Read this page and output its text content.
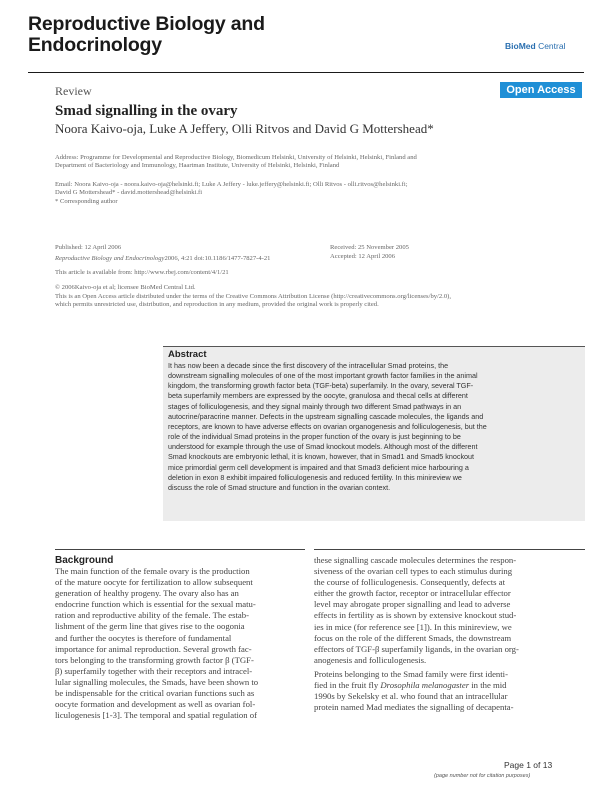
Reproductive Biology and
Endocrinology	BioMed Central
Review	Open Access
Smad signalling in the ovary
Noora Kaivo-oja, Luke A Jeffery, Olli Ritvos and David G Mottershead*
Address: Programme for Developmental and Reproductive Biology, Biomedicum Helsinki, University of Helsinki, Helsinki, Finland and
Department of Bacteriology and Immunology, Haartman Institute, University of Helsinki, Helsinki, Finland
Email: Noora Kaivo-oja - noora.kaivo-oja@helsinki.fi; Luke A Jeffery - luke.jeffery@helsinki.fi; Olli Ritvos - olli.ritvos@helsinki.fi;
David G Mottershead* - david.mottershead@helsinki.fi
* Corresponding author
Published: 12 April 2006	Received: 25 November 2005
Reproductive Biology and Endocrinology2006, 4:21 doi:10.1186/1477-7827-4-21	Accepted: 12 April 2006
This article is available from: http://www.rbej.com/content/4/1/21
© 2006Kaivo-oja et al; licensee BioMed Central Ltd.
This is an Open Access article distributed under the terms of the Creative Commons Attribution License (http://creativecommons.org/licenses/by/2.0),
which permits unrestricted use, distribution, and reproduction in any medium, provided the original work is properly cited.
Abstract
It has now been a decade since the first discovery of the intracellular Smad proteins, the
downstream signalling molecules of one of the most important growth factor families in the animal
kingdom, the transforming growth factor beta (TGF-beta) superfamily. In the ovary, several TGF-
beta superfamily members are expressed by the oocyte, granulosa and thecal cells at different
stages of folliculogenesis, and they signal mainly through two different Smad pathways in an
autocrine/paracrine manner. Defects in the upstream signalling cascade molecules, the ligands and
receptors, are known to have adverse effects on ovarian organogenesis and folliculogenesis, but the
role of the individual Smad proteins in the proper function of the ovary is just beginning to be
understood for example through the use of Smad knockout models. Although most of the different
Smad knockouts are embryonic lethal, it is known, however, that in Smad1 and Smad5 knockout
mice primordial germ cell development is impaired and that Smad3 deficient mice harbouring a
deletion in exon 8 exhibit impaired folliculogenesis and reduced fertility. In this minireview we
discuss the role of Smad structure and function in the ovarian context.
Background
The main function of the female ovary is the production
of the mature oocyte for fertilization to allow subsequent
generation of healthy progeny. The ovary also has an
endocrine function which is essential for the sexual matu-
ration and reproductive ability of the female. The estab-
lishment of the germ line that gives rise to the oogonia
and further the oocytes is therefore of fundamental
importance for animal reproduction. Several growth fac-
tors belonging to the transforming growth factor β (TGF-
β) superfamily together with their receptors and intracel-
lular signalling molecules, the Smads, have been shown to
be indispensable for the critical ovarian functions such as
oocyte formation and development as well as ovarian fol-
liculogenesis [1-3]. The temporal and spatial regulation of
these signalling cascade molecules determines the respon-
siveness of the ovarian cell types to each stimulus during
the course of folliculogenesis. Consequently, defects at
either the growth factor, receptor or intracellular effector
level may abrogate proper signalling and lead to adverse
effects in fertility as is shown by extensive knockout stud-
ies in mice (for reference see [1]). In this minireview, we
focus on the role of the different Smads, the downstream
effectors of TGF-β superfamily ligands, in the ovarian org-
anogenesis and folliculogenesis.
Proteins belonging to the Smad family were first identi-
fied in the fruit fly Drosophila melanogaster in the mid
1990s by Sekelsky et al. who found that an intracellular
protein named Mad mediates the signalling of decapenta-
Page 1 of 13
(page number not for citation purposes)
